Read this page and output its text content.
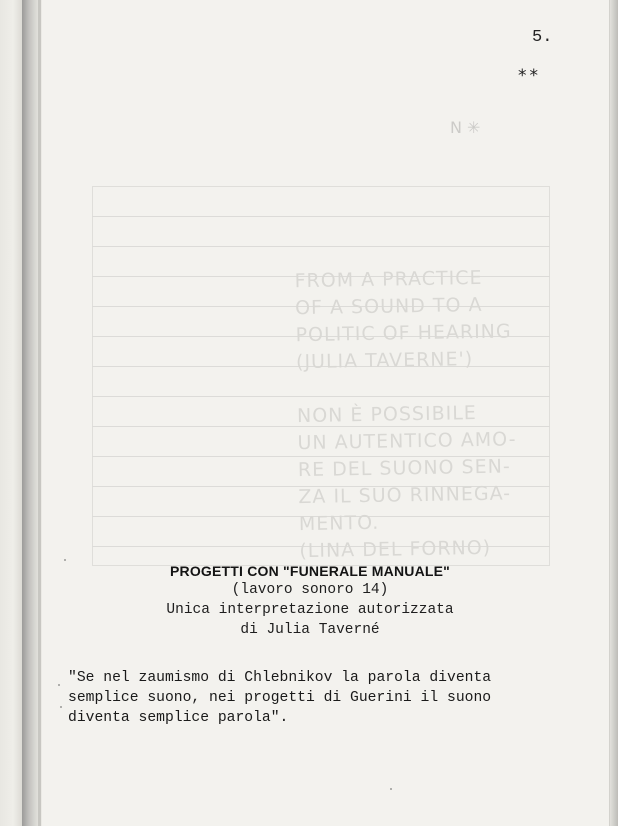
FROM A PRACTICE
OF A SOUND TO A
POLITIC OF HEARING
(JULIA TAVERNE')

NON È POSSIBILE
UN AUTENTICO AMO-
RE DEL SUONO SEN-
ZA IL SUO RINNEGA-
MENTO.
(LINA DEL FORNO)
N ✳
5.
**
PROGETTI CON "FUNERALE MANUALE"
(lavoro sonoro 14)
Unica interpretazione autorizzata
di Julia Taverné
"Se nel zaumismo di Chlebnikov la parola diventa
semplice suono, nei progetti di Guerini il suono
diventa semplice parola".
